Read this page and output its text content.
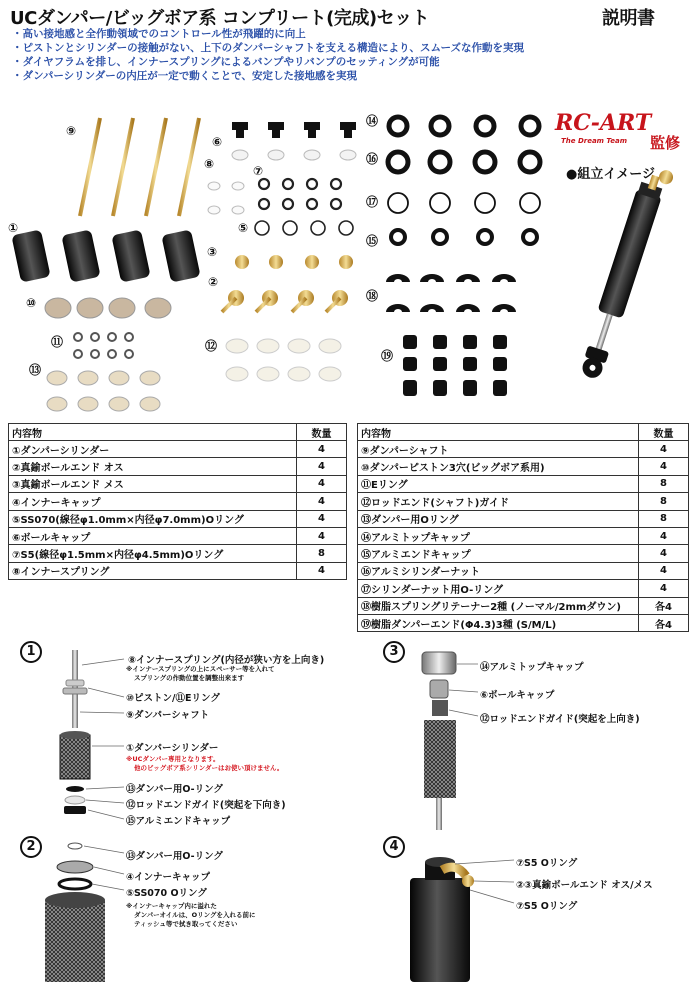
UCダンパー/ビッグボア系 コンプリート(完成)セット	説明書
・ 高い接地感と全作動領域でのコントロール性が飛躍的に向上
・ ピストンとシリンダーの接触がない、上下のダンパーシャフトを支える構造により、スムーズな作動を実現
・ ダイヤフラムを排し、インナースプリングによるバンプやリバンプのセッティングが可能
・ ダンパーシリンダーの内圧が一定で動くことで、安定した接地感を実現
⑨
①
⑩
⑪
⑬
⑥
⑧	⑦
⑤
③
②
⑫
⑭
⑯
⑰
⑮
⑱
⑲
RC-ART
The Dream Team 監修
●組立イメージ
内容物	数量
①ダンパーシリンダー	4
②真鍮ボールエンド オス	4
③真鍮ボールエンド メス	4
④インナーキャップ	4
⑤SS070(線径φ1.0mm×内径φ7.0mm)Oリング	4
⑥ボールキャップ	4
⑦S5(線径φ1.5mm×内径φ4.5mm)Oリング	8
⑧インナースプリング	4
内容物	数量
⑨ダンパーシャフト	4
⑩ダンパーピストン3穴(ビッグボア系用)	4
⑪Eリング	8
⑫ロッドエンド(シャフト)ガイド	8
⑬ダンパー用Oリング	8
⑭アルミトップキャップ	4
⑮アルミエンドキャップ	4
⑯アルミシリンダーナット	4
⑰シリンダーナット用O-リング	4
⑱樹脂スプリングリテーナー2種 (ノーマル/2mmダウン)	各4
⑲樹脂ダンパーエンド(Φ4.3)3種 (S/M/L)	各4
1
⑧インナースプリング(内径が狭い方を上向き)
※インナースプリングの上にスペーサー等を入れて
スプリングの作動位置を調整出来ます
⑩ピストン/⑪Eリング
⑨ダンパーシャフト
①ダンパーシリンダー
※UCダンパー専用となります。
他のビッグボア系シリンダーはお使い頂けません。
⑬ダンパー用O-リング
⑫ロッドエンドガイド(突起を下向き)
⑮アルミエンドキャップ
2
⑬ダンパー用O-リング
④インナーキャップ
⑤SS070 Oリング
※インナーキャップ内に溢れた
ダンパーオイルは、Oリングを入れる前に
ティッシュ等で拭き取ってください
3
⑭アルミトップキャップ
⑥ボールキャップ
⑫ロッドエンドガイド(突起を上向き)
4
⑦S5 Oリング
②③真鍮ボールエンド オス/メス
⑦S5 Oリング
